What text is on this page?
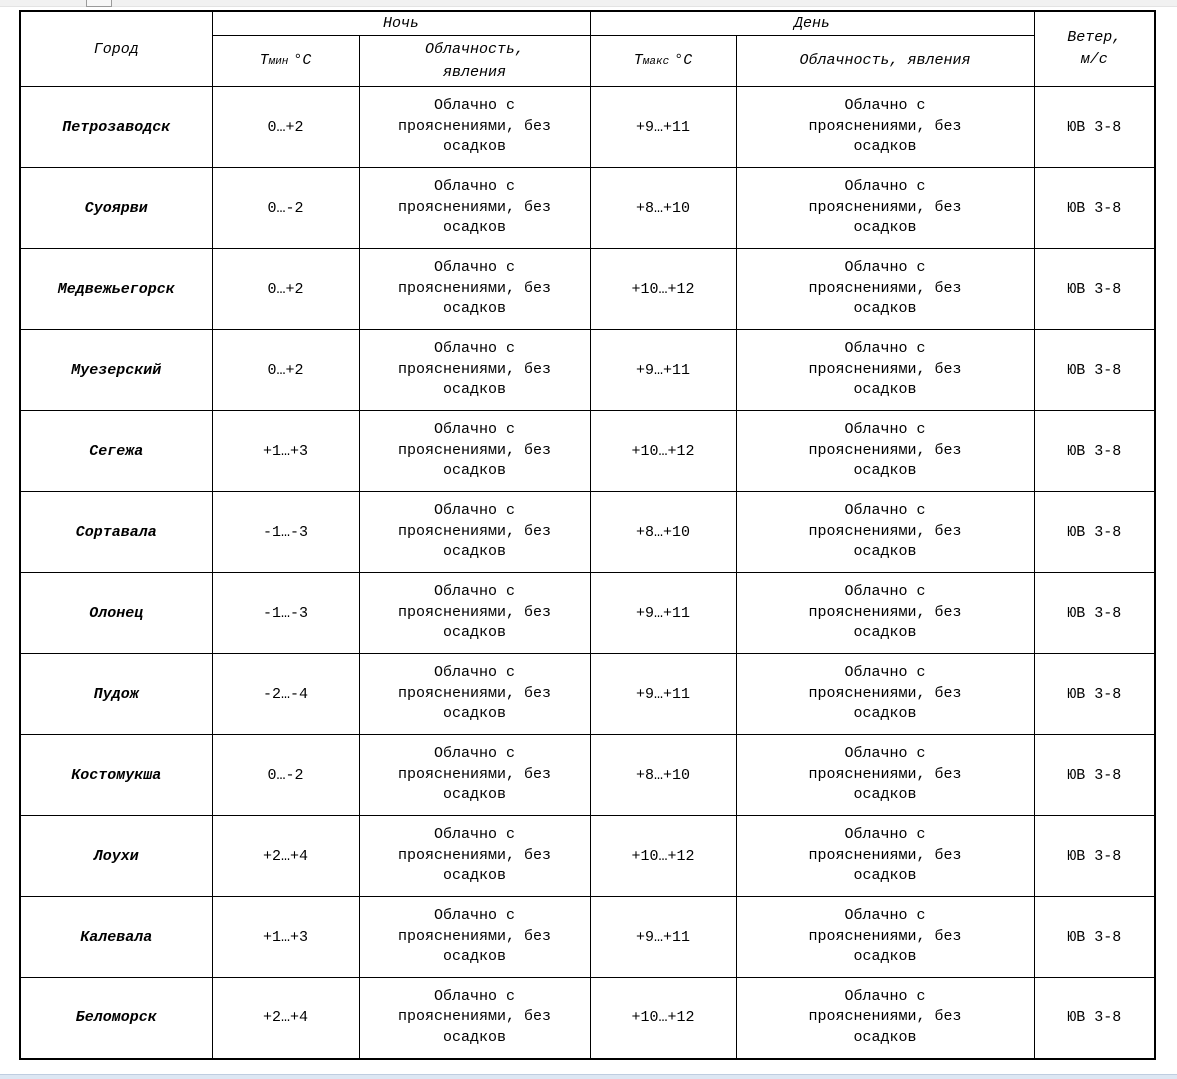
Город	Ночь		День		Ветер, м/с

	Тмин °С	Облачность, явления	Тмакс °С	Облачность, явления	
Петрозаводск	0…+2	Облачно с прояснениями, без осадков	+9…+11	Облачно с прояснениями, без осадков	ЮВ 3-8
Суоярви	0…-2	Облачно с прояснениями, без осадков	+8…+10	Облачно с прояснениями, без осадков	ЮВ 3-8
Медвежьегорск	0…+2	Облачно с прояснениями, без осадков	+10…+12	Облачно с прояснениями, без осадков	ЮВ 3-8
Муезерский	0…+2	Облачно с прояснениями, без осадков	+9…+11	Облачно с прояснениями, без осадков	ЮВ 3-8
Сегежа	+1…+3	Облачно с прояснениями, без осадков	+10…+12	Облачно с прояснениями, без осадков	ЮВ 3-8
Сортавала	-1…-3	Облачно с прояснениями, без осадков	+8…+10	Облачно с прояснениями, без осадков	ЮВ 3-8
Олонец	-1…-3	Облачно с прояснениями, без осадков	+9…+11	Облачно с прояснениями, без осадков	ЮВ 3-8
Пудож	-2…-4	Облачно с прояснениями, без осадков	+9…+11	Облачно с прояснениями, без осадков	ЮВ 3-8
Костомукша	0…-2	Облачно с прояснениями, без осадков	+8…+10	Облачно с прояснениями, без осадков	ЮВ 3-8
Лоухи	+2…+4	Облачно с прояснениями, без осадков	+10…+12	Облачно с прояснениями, без осадков	ЮВ 3-8
Калевала	+1…+3	Облачно с прояснениями, без осадков	+9…+11	Облачно с прояснениями, без осадков	ЮВ 3-8
Беломорск	+2…+4	Облачно с прояснениями, без осадков	+10…+12	Облачно с прояснениями, без осадков	ЮВ 3-8
